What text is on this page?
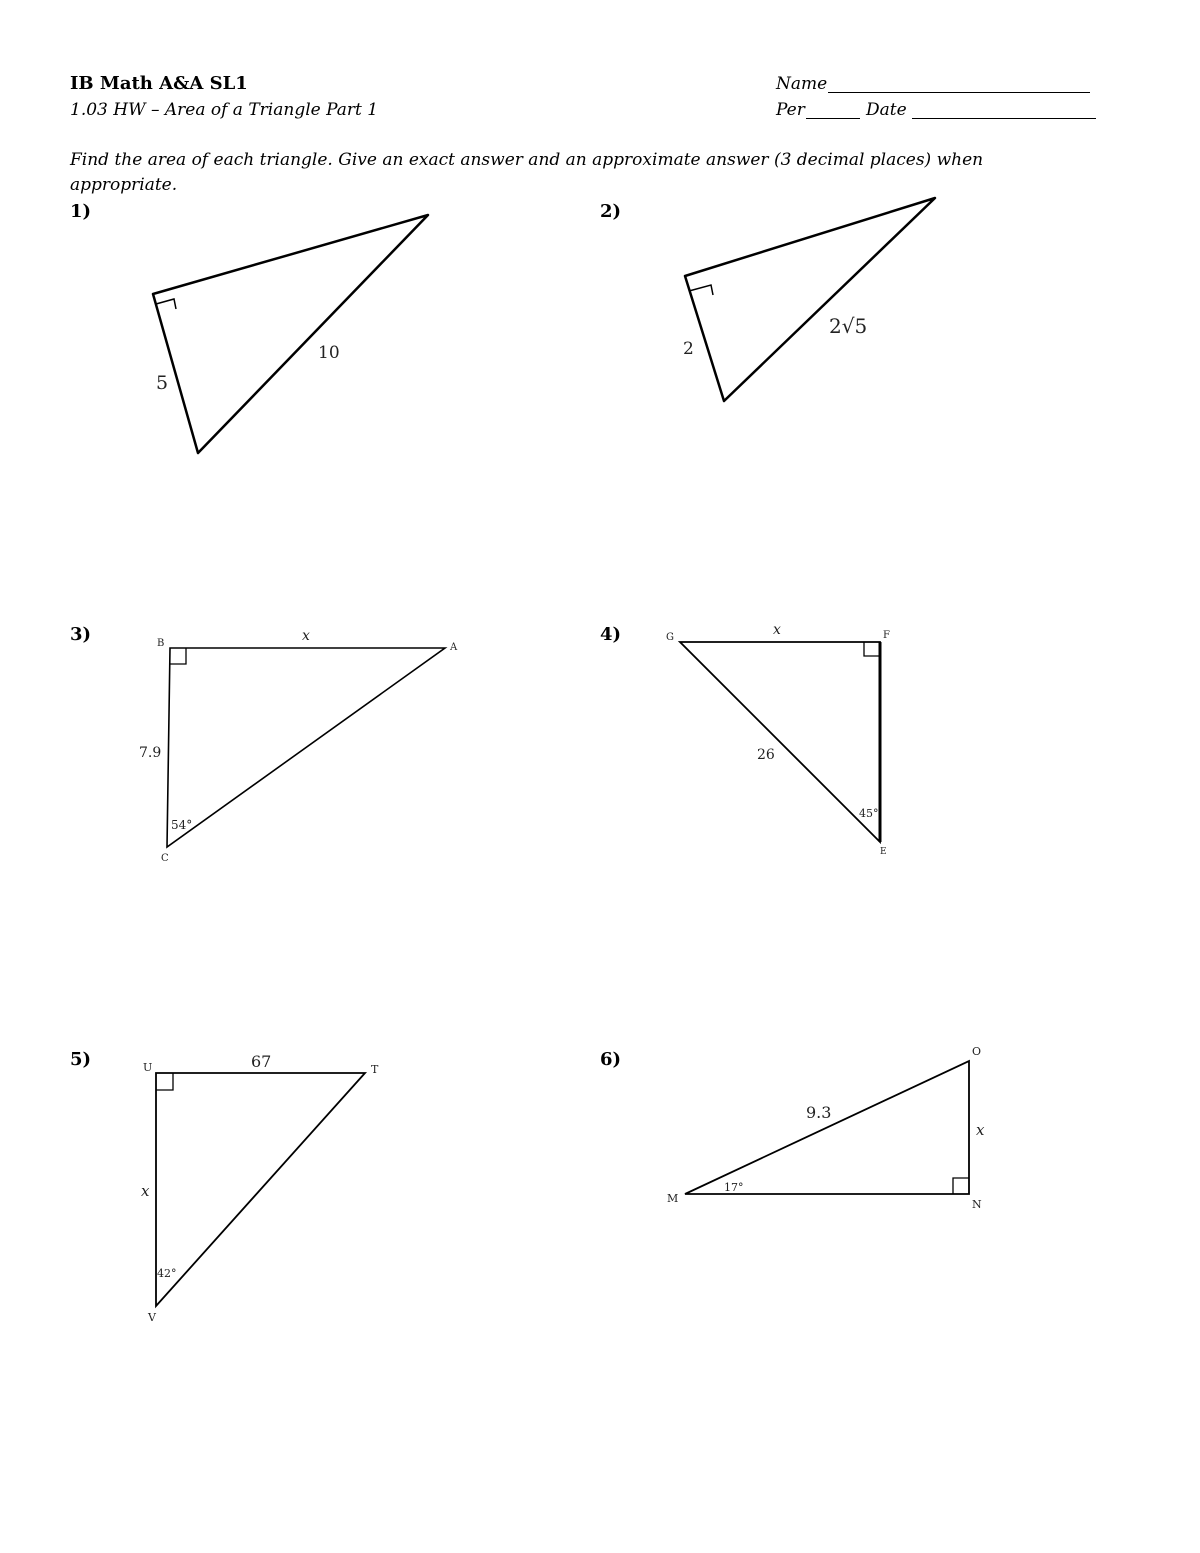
IB Math A&A SL1
1.03 HW – Area of a Triangle Part 1
Name
Per	Date
Find the area of each triangle. Give an exact answer and an approximate answer (3 decimal places) when appropriate.
1)	2)
3)	4)
5)	6)
5
10	2
2√5
B	A
C
x
7.9
54°
G	F
E
x
26
45°
U	T
V
67
x
42°
O
M	N
9.3
x
17°
